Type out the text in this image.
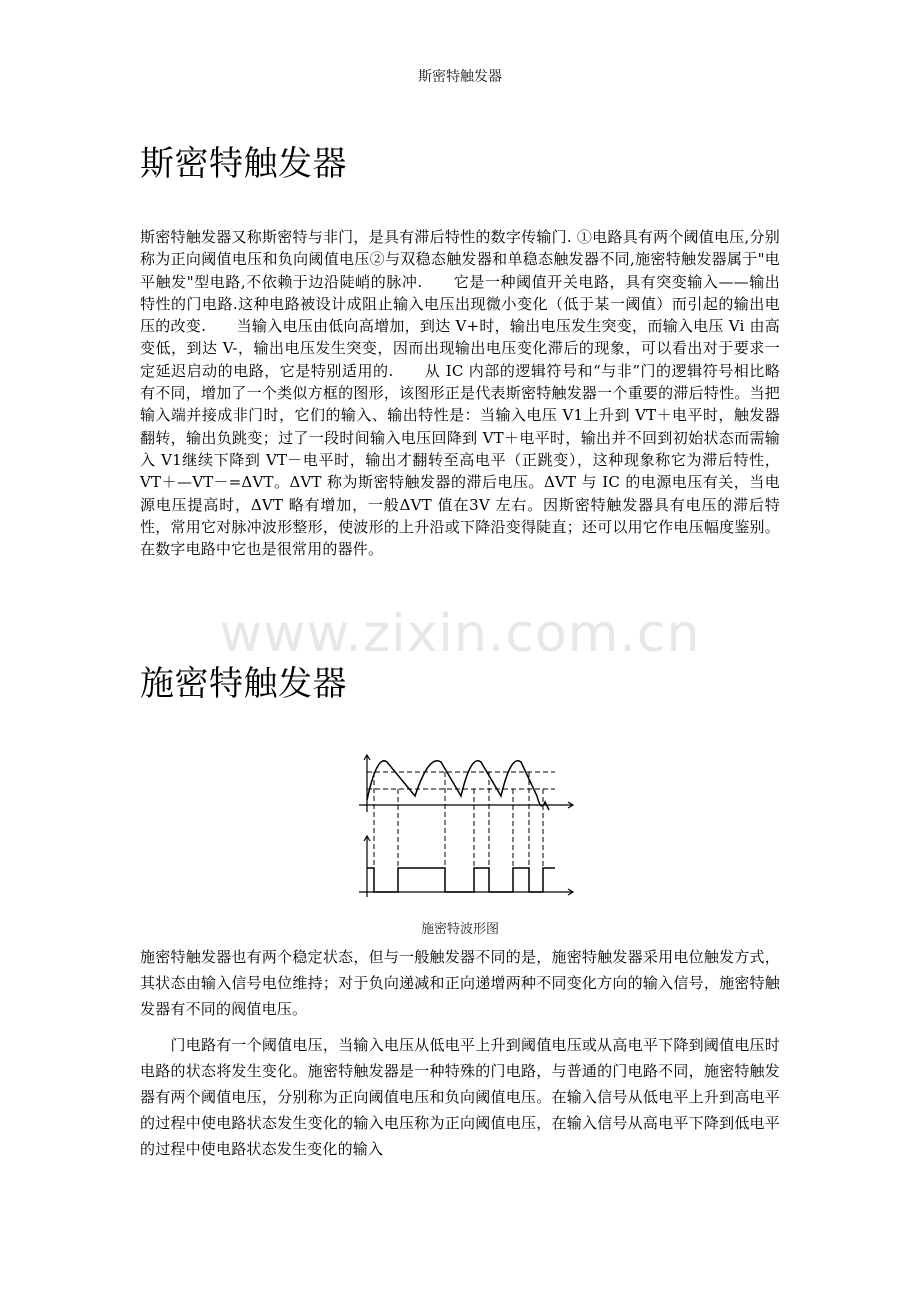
斯密特触发器
斯密特触发器

斯密特触发器又称斯密特与非门，是具有滞后特性的数字传输门. ①电路具有两个阈值电压,分别称为正向阈值电压和负向阈值电压②与双稳态触发器和单稳态触发器不同,施密特触发器属于"电平触发"型电路,不依赖于边沿陡峭的脉冲.　　它是一种阈值开关电路，具有突变输入——输出特性的门电路.这种电路被设计成阻止输入电压出现微小变化（低于某一阈值）而引起的输出电压的改变.　　当输入电压由低向高增加，到达 V+时，输出电压发生突变，而输入电压 Vi 由高变低，到达 V-，输出电压发生突变，因而出现输出电压变化滞后的现象，可以看出对于要求一定延迟启动的电路，它是特别适用的.　　从 IC 内部的逻辑符号和“与非”门的逻辑符号相比略有不同，增加了一个类似方框的图形，该图形正是代表斯密特触发器一个重要的滞后特性。当把输入端并接成非门时，它们的输入、输出特性是：当输入电压 V1上升到 VT＋电平时，触发器翻转，输出负跳变；过了一段时间输入电压回降到 VT＋电平时，输出并不回到初始状态而需输入 V1继续下降到 VT－电平时，输出才翻转至高电平（正跳变），这种现象称它为滞后特性，VT＋—VT－=ΔVT。ΔVT 称为斯密特触发器的滞后电压。ΔVT 与 IC 的电源电压有关，当电源电压提高时，ΔVT 略有增加，一般ΔVT 值在3V 左右。因斯密特触发器具有电压的滞后特性，常用它对脉冲波形整形，使波形的上升沿或下降沿变得陡直；还可以用它作电压幅度鉴别。在数字电路中它也是很常用的器件。

www.zixin.com.cn
施密特触发器
施密特波形图

施密特触发器也有两个稳定状态，但与一般触发器不同的是，施密特触发器采用电位触发方式，其状态由输入信号电位维持；对于负向递减和正向递增两种不同变化方向的输入信号，施密特触发器有不同的阀值电压。

　　门电路有一个阈值电压，当输入电压从低电平上升到阈值电压或从高电平下降到阈值电压时电路的状态将发生变化。施密特触发器是一种特殊的门电路，与普通的门电路不同，施密特触发器有两个阈值电压，分别称为正向阈值电压和负向阈值电压。在输入信号从低电平上升到高电平的过程中使电路状态发生变化的输入电压称为正向阈值电压，在输入信号从高电平下降到低电平的过程中使电路状态发生变化的输入
